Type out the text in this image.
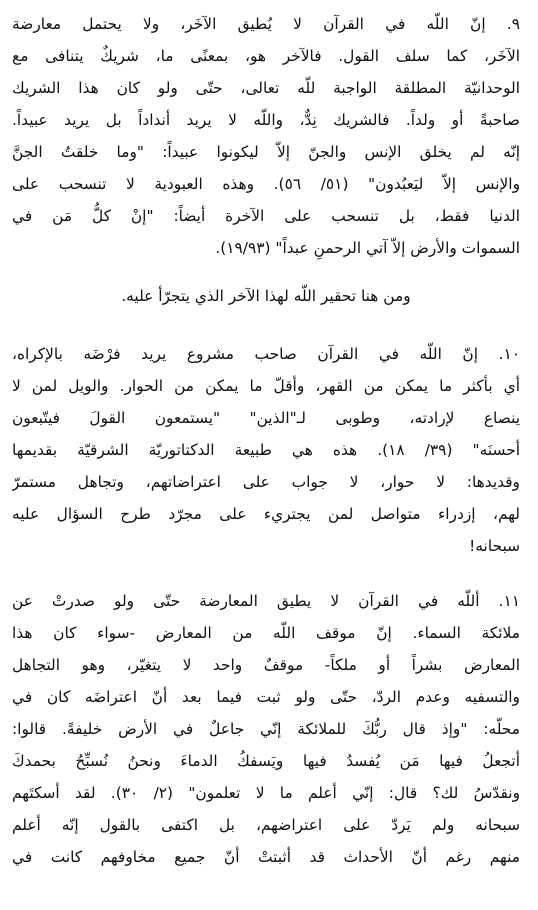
٩. إنّ اللّه في القرآن لا يُطيق الآخَر، ولا يحتمل معارضة
الآخَر، كما سلف القول. فالآخر هو، بمعنًى ما، شريكٌ يتنافى مع
الوحدانيّة المطلقة الواجبة للّه تعالى، حتّى ولو كان هذا الشريك
صاحبةً أو ولداً. فالشريك نِدٌّ، واللّه لا يريد أنداداً بل يريد عبيداً.
إنّه لم يخلق الإنس والجنّ إلاّ ليكونوا عبيداً: "وما خلقتُ الجنَّ
والإنس إلاّ ليَعبُدون" (٥١/ ٥٦). وهذه العبودية لا تنسحب على
الدنيا فقط، بل تنسحب على الآخرة أيضاً: "إنْ كلُّ مَن في
السموات والأرض إلاّ آتي الرحمنِ عبداً" (١٩/٩٣).

ومن هنا تحقير اللّه لهذا الآخر الذي يتجرّأ عليه.

١٠. إنّ اللّه في القرآن صاحب مشروع يريد فرْضَه بالإكراه،
أي بأكثر ما يمكن من القهر، وأقلّ ما يمكن من الحوار. والويل لمن لا
ينصاع لإرادته، وطوبى لـ"الذين" "يستمعون القولَ فيتّبعون
أحسنَه" (٣٩/ ١٨). هذه هي طبيعة الدكتاتوريّة الشرقيّة بقديمها
وقديدها: لا حوار، لا جواب على اعتراضاتهم، وتجاهل مستمرّ
لهم، إزدراء متواصل لمن يجتريء على مجرّد طرح السؤال عليه
سبحانه!

١١. أللّه في القرآن لا يطيق المعارضة حتّى ولو صدرتْ عن
ملائكة السماء. إنّ موقف اللّه من المعارض -سواء كان هذا
المعارض بشراً أو ملكاً- موقفٌ واحد لا يتغيّر، وهو التجاهل
والتسفيه وعدم الردّ، حتّى ولو ثبت فيما بعد أنّ اعتراضَه كان في
محلّه: "وإذ قال ربُّكَ للملائكة إنّي جاعلٌ في الأرض خليفةً. قالوا:
أتجعلُ فيها مَن يُفسدُ فيها ويَسفكُ الدماءَ ونحنُ نُسبِّحُ بحمدكَ
ونقدّسُ لك؟ قال: إنّي أعلم ما لا تعلمون" (٢/ ٣٠). لقد أسكتَهم
سبحانه ولم يَردّ على اعتراضهم، بل اكتفى بالقول إنّه أعلم
منهم رغم أنّ الأحداث قد أثبتتْ أنّ جميع مخاوفهم كانت في
